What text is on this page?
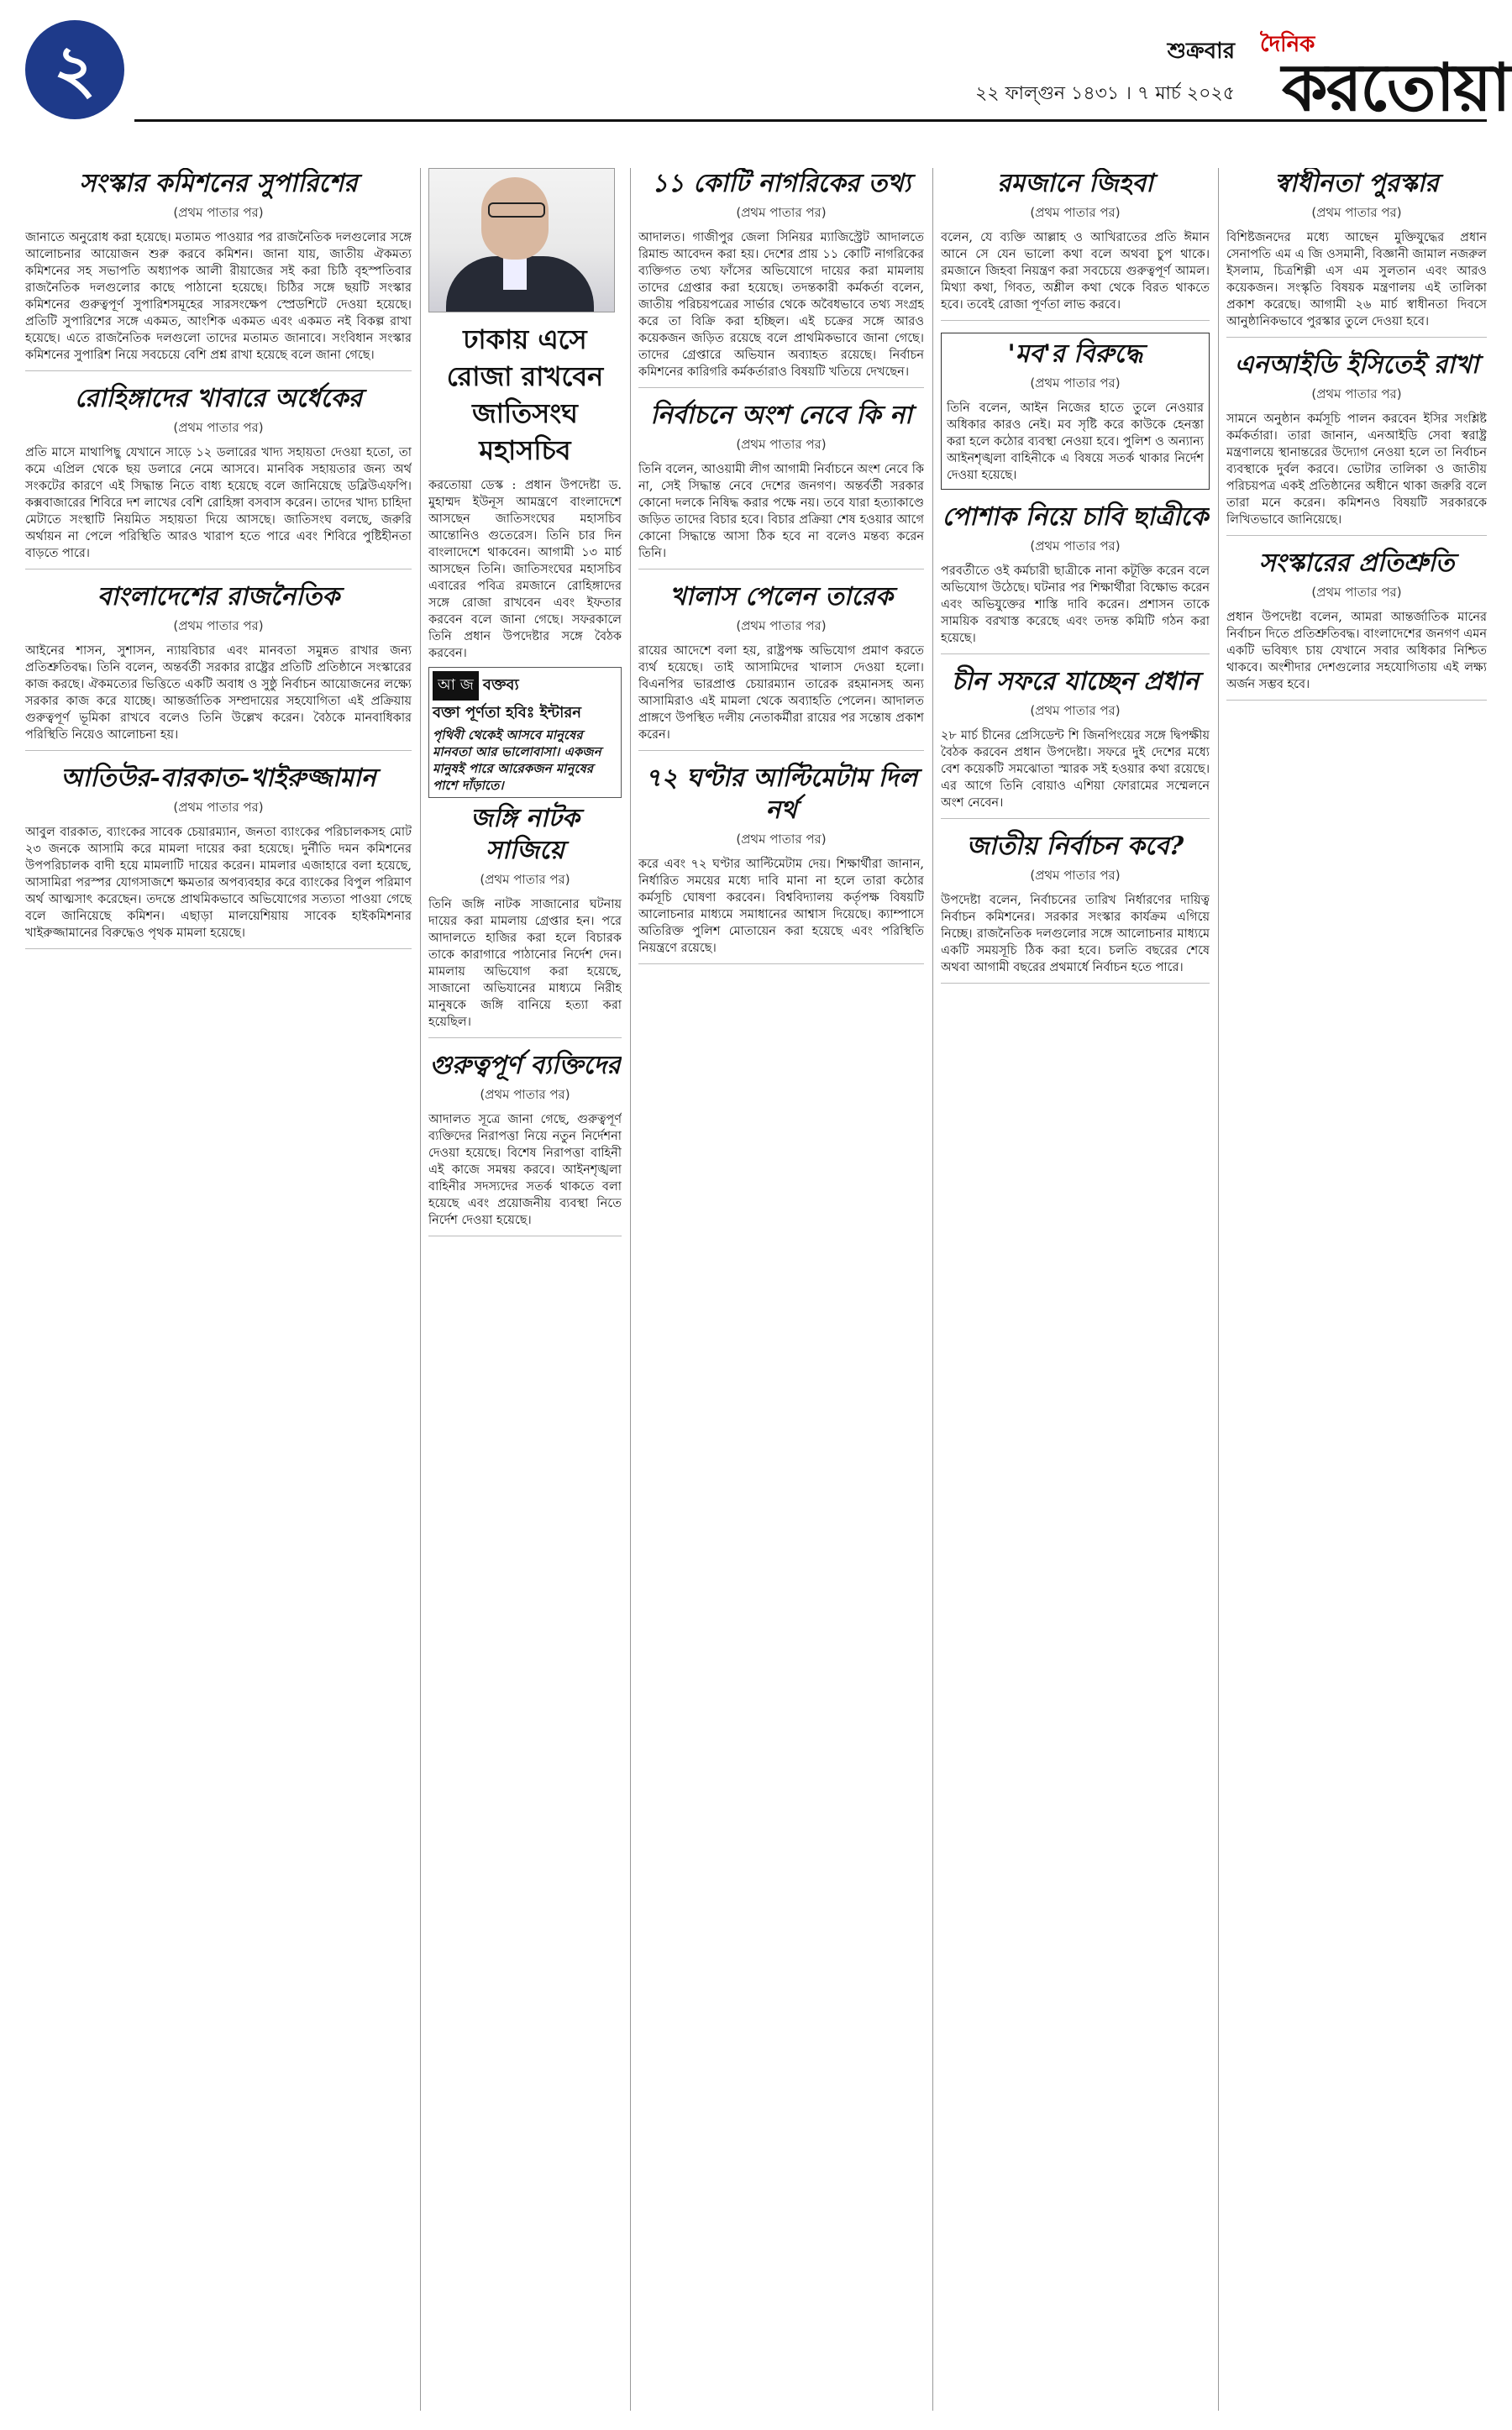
২	শুক্রবার
২২ ফাল্গুন ১৪৩১ । ৭ মার্চ ২০২৫
দৈনিক
করতোয়া
সংস্কার কমিশনের সুপারিশের
(প্রথম পাতার পর)
জানাতে অনুরোধ করা হয়েছে। মতামত পাওয়ার পর রাজনৈতিক দলগুলোর সঙ্গে আলোচনার আয়োজন শুরু করবে কমিশন। জানা যায়, জাতীয় ঐকমত্য কমিশনের সহ সভাপতি অধ্যাপক আলী রীয়াজের সই করা চিঠি বৃহস্পতিবার রাজনৈতিক দলগুলোর কাছে পাঠানো হয়েছে। চিঠির সঙ্গে ছয়টি সংস্কার কমিশনের গুরুত্বপূর্ণ সুপারিশসমূহের সারসংক্ষেপ স্প্রেডশিটে দেওয়া হয়েছে। প্রতিটি সুপারিশের সঙ্গে একমত, আংশিক একমত এবং একমত নই বিকল্প রাখা হয়েছে। এতে রাজনৈতিক দলগুলো তাদের মতামত জানাবে। সংবিধান সংস্কার কমিশনের সুপারিশ নিয়ে সবচেয়ে বেশি প্রশ্ন রাখা হয়েছে বলে জানা গেছে।
রোহিঙ্গাদের খাবারে অর্ধেকের
(প্রথম পাতার পর)
প্রতি মাসে মাথাপিছু যেখানে সাড়ে ১২ ডলারের খাদ্য সহায়তা দেওয়া হতো, তা কমে এপ্রিল থেকে ছয় ডলারে নেমে আসবে। মানবিক সহায়তার জন্য অর্থ সংকটের কারণে এই সিদ্ধান্ত নিতে বাধ্য হয়েছে বলে জানিয়েছে ডব্লিউএফপি। কক্সবাজারের শিবিরে দশ লাখের বেশি রোহিঙ্গা বসবাস করেন। তাদের খাদ্য চাহিদা মেটাতে সংস্থাটি নিয়মিত সহায়তা দিয়ে আসছে। জাতিসংঘ বলছে, জরুরি অর্থায়ন না পেলে পরিস্থিতি আরও খারাপ হতে পারে এবং শিবিরে পুষ্টিহীনতা বাড়তে পারে।
বাংলাদেশের রাজনৈতিক
(প্রথম পাতার পর)
আইনের শাসন, সুশাসন, ন্যায়বিচার এবং মানবতা সমুন্নত রাখার জন্য প্রতিশ্রুতিবদ্ধ। তিনি বলেন, অন্তর্বর্তী সরকার রাষ্ট্রের প্রতিটি প্রতিষ্ঠানে সংস্কারের কাজ করছে। ঐকমত্যের ভিত্তিতে একটি অবাধ ও সুষ্ঠু নির্বাচন আয়োজনের লক্ষ্যে সরকার কাজ করে যাচ্ছে। আন্তর্জাতিক সম্প্রদায়ের সহযোগিতা এই প্রক্রিয়ায় গুরুত্বপূর্ণ ভূমিকা রাখবে বলেও তিনি উল্লেখ করেন। বৈঠকে মানবাধিকার পরিস্থিতি নিয়েও আলোচনা হয়।
আতিউর-বারকাত-খাইরুজ্জামান
(প্রথম পাতার পর)
আবুল বারকাত, ব্যাংকের সাবেক চেয়ারম্যান, জনতা ব্যাংকের পরিচালকসহ মোট ২৩ জনকে আসামি করে মামলা দায়ের করা হয়েছে। দুর্নীতি দমন কমিশনের উপপরিচালক বাদী হয়ে মামলাটি দায়ের করেন। মামলার এজাহারে বলা হয়েছে, আসামিরা পরস্পর যোগসাজশে ক্ষমতার অপব্যবহার করে ব্যাংকের বিপুল পরিমাণ অর্থ আত্মসাৎ করেছেন। তদন্তে প্রাথমিকভাবে অভিযোগের সত্যতা পাওয়া গেছে বলে জানিয়েছে কমিশন। এছাড়া মালয়েশিয়ায় সাবেক হাইকমিশনার খাইরুজ্জামানের বিরুদ্ধেও পৃথক মামলা হয়েছে।
ঢাকায় এসে রোজা রাখবেন জাতিসংঘ মহাসচিব
করতোয়া ডেস্ক : প্রধান উপদেষ্টা ড. মুহাম্মদ ইউনূস আমন্ত্রণে বাংলাদেশে আসছেন জাতিসংঘের মহাসচিব আন্তোনিও গুতেরেস। তিনি চার দিন বাংলাদেশে থাকবেন। আগামী ১৩ মার্চ আসছেন তিনি। জাতিসংঘের মহাসচিব এবারের পবিত্র রমজানে রোহিঙ্গাদের সঙ্গে রোজা রাখবেন এবং ইফতার করবেন বলে জানা গেছে। সফরকালে তিনি প্রধান উপদেষ্টার সঙ্গে বৈঠক করবেন।
আ জ বক্তব্য
বক্তা পূর্ণতা হবিঃ ইন্টারন
পৃথিবী থেকেই আসবে মানুষের মানবতা আর ভালোবাসা। একজন মানুষই পারে আরেকজন মানুষের পাশে দাঁড়াতে।
জঙ্গি নাটক সাজিয়ে
(প্রথম পাতার পর)
তিনি জঙ্গি নাটক সাজানোর ঘটনায় দায়ের করা মামলায় গ্রেপ্তার হন। পরে আদালতে হাজির করা হলে বিচারক তাকে কারাগারে পাঠানোর নির্দেশ দেন। মামলায় অভিযোগ করা হয়েছে, সাজানো অভিযানের মাধ্যমে নিরীহ মানুষকে জঙ্গি বানিয়ে হত্যা করা হয়েছিল।
গুরুত্বপূর্ণ ব্যক্তিদের
(প্রথম পাতার পর)
আদালত সূত্রে জানা গেছে, গুরুত্বপূর্ণ ব্যক্তিদের নিরাপত্তা নিয়ে নতুন নির্দেশনা দেওয়া হয়েছে। বিশেষ নিরাপত্তা বাহিনী এই কাজে সমন্বয় করবে। আইনশৃঙ্খলা বাহিনীর সদস্যদের সতর্ক থাকতে বলা হয়েছে এবং প্রয়োজনীয় ব্যবস্থা নিতে নির্দেশ দেওয়া হয়েছে।
১১ কোটি নাগরিকের তথ্য
(প্রথম পাতার পর)
আদালত। গাজীপুর জেলা সিনিয়র ম্যাজিস্ট্রেট আদালতে রিমান্ড আবেদন করা হয়। দেশের প্রায় ১১ কোটি নাগরিকের ব্যক্তিগত তথ্য ফাঁসের অভিযোগে দায়ের করা মামলায় তাদের গ্রেপ্তার করা হয়েছে। তদন্তকারী কর্মকর্তা বলেন, জাতীয় পরিচয়পত্রের সার্ভার থেকে অবৈধভাবে তথ্য সংগ্রহ করে তা বিক্রি করা হচ্ছিল। এই চক্রের সঙ্গে আরও কয়েকজন জড়িত রয়েছে বলে প্রাথমিকভাবে জানা গেছে। তাদের গ্রেপ্তারে অভিযান অব্যাহত রয়েছে। নির্বাচন কমিশনের কারিগরি কর্মকর্তারাও বিষয়টি খতিয়ে দেখছেন।
নির্বাচনে অংশ নেবে কি না
(প্রথম পাতার পর)
তিনি বলেন, আওয়ামী লীগ আগামী নির্বাচনে অংশ নেবে কি না, সেই সিদ্ধান্ত নেবে দেশের জনগণ। অন্তর্বর্তী সরকার কোনো দলকে নিষিদ্ধ করার পক্ষে নয়। তবে যারা হত্যাকাণ্ডে জড়িত তাদের বিচার হবে। বিচার প্রক্রিয়া শেষ হওয়ার আগে কোনো সিদ্ধান্তে আসা ঠিক হবে না বলেও মন্তব্য করেন তিনি।
খালাস পেলেন তারেক
(প্রথম পাতার পর)
রায়ের আদেশে বলা হয়, রাষ্ট্রপক্ষ অভিযোগ প্রমাণ করতে ব্যর্থ হয়েছে। তাই আসামিদের খালাস দেওয়া হলো। বিএনপির ভারপ্রাপ্ত চেয়ারম্যান তারেক রহমানসহ অন্য আসামিরাও এই মামলা থেকে অব্যাহতি পেলেন। আদালত প্রাঙ্গণে উপস্থিত দলীয় নেতাকর্মীরা রায়ের পর সন্তোষ প্রকাশ করেন।
৭২ ঘণ্টার আল্টিমেটাম দিল নর্থ
(প্রথম পাতার পর)
করে এবং ৭২ ঘণ্টার আল্টিমেটাম দেয়। শিক্ষার্থীরা জানান, নির্ধারিত সময়ের মধ্যে দাবি মানা না হলে তারা কঠোর কর্মসূচি ঘোষণা করবেন। বিশ্ববিদ্যালয় কর্তৃপক্ষ বিষয়টি আলোচনার মাধ্যমে সমাধানের আশ্বাস দিয়েছে। ক্যাম্পাসে অতিরিক্ত পুলিশ মোতায়েন করা হয়েছে এবং পরিস্থিতি নিয়ন্ত্রণে রয়েছে।
রমজানে জিহবা
(প্রথম পাতার পর)
বলেন, যে ব্যক্তি আল্লাহ ও আখিরাতের প্রতি ঈমান আনে সে যেন ভালো কথা বলে অথবা চুপ থাকে। রমজানে জিহবা নিয়ন্ত্রণ করা সবচেয়ে গুরুত্বপূর্ণ আমল। মিথ্যা কথা, গিবত, অশ্লীল কথা থেকে বিরত থাকতে হবে। তবেই রোজা পূর্ণতা লাভ করবে।
'মব'র বিরুদ্ধে
(প্রথম পাতার পর)
তিনি বলেন, আইন নিজের হাতে তুলে নেওয়ার অধিকার কারও নেই। মব সৃষ্টি করে কাউকে হেনস্তা করা হলে কঠোর ব্যবস্থা নেওয়া হবে। পুলিশ ও অন্যান্য আইনশৃঙ্খলা বাহিনীকে এ বিষয়ে সতর্ক থাকার নির্দেশ দেওয়া হয়েছে।
পোশাক নিয়ে চাবি ছাত্রীকে
(প্রথম পাতার পর)
পরবর্তীতে ওই কর্মচারী ছাত্রীকে নানা কটূক্তি করেন বলে অভিযোগ উঠেছে। ঘটনার পর শিক্ষার্থীরা বিক্ষোভ করেন এবং অভিযুক্তের শাস্তি দাবি করেন। প্রশাসন তাকে সাময়িক বরখাস্ত করেছে এবং তদন্ত কমিটি গঠন করা হয়েছে।
চীন সফরে যাচ্ছেন প্রধান
(প্রথম পাতার পর)
২৮ মার্চ চীনের প্রেসিডেন্ট শি জিনপিংয়ের সঙ্গে দ্বিপক্ষীয় বৈঠক করবেন প্রধান উপদেষ্টা। সফরে দুই দেশের মধ্যে বেশ কয়েকটি সমঝোতা স্মারক সই হওয়ার কথা রয়েছে। এর আগে তিনি বোয়াও এশিয়া ফোরামের সম্মেলনে অংশ নেবেন।
জাতীয় নির্বাচন কবে?
(প্রথম পাতার পর)
উপদেষ্টা বলেন, নির্বাচনের তারিখ নির্ধারণের দায়িত্ব নির্বাচন কমিশনের। সরকার সংস্কার কার্যক্রম এগিয়ে নিচ্ছে। রাজনৈতিক দলগুলোর সঙ্গে আলোচনার মাধ্যমে একটি সময়সূচি ঠিক করা হবে। চলতি বছরের শেষে অথবা আগামী বছরের প্রথমার্ধে নির্বাচন হতে পারে।
স্বাধীনতা পুরস্কার
(প্রথম পাতার পর)
বিশিষ্টজনদের মধ্যে আছেন মুক্তিযুদ্ধের প্রধান সেনাপতি এম এ জি ওসমানী, বিজ্ঞানী জামাল নজরুল ইসলাম, চিত্রশিল্পী এস এম সুলতান এবং আরও কয়েকজন। সংস্কৃতি বিষয়ক মন্ত্রণালয় এই তালিকা প্রকাশ করেছে। আগামী ২৬ মার্চ স্বাধীনতা দিবসে আনুষ্ঠানিকভাবে পুরস্কার তুলে দেওয়া হবে।
এনআইডি ইসিতেই রাখা
(প্রথম পাতার পর)
সামনে অনুষ্ঠান কর্মসূচি পালন করবেন ইসির সংশ্লিষ্ট কর্মকর্তারা। তারা জানান, এনআইডি সেবা স্বরাষ্ট্র মন্ত্রণালয়ে স্থানান্তরের উদ্যোগ নেওয়া হলে তা নির্বাচন ব্যবস্থাকে দুর্বল করবে। ভোটার তালিকা ও জাতীয় পরিচয়পত্র একই প্রতিষ্ঠানের অধীনে থাকা জরুরি বলে তারা মনে করেন। কমিশনও বিষয়টি সরকারকে লিখিতভাবে জানিয়েছে।
সংস্কারের প্রতিশ্রুতি
(প্রথম পাতার পর)
প্রধান উপদেষ্টা বলেন, আমরা আন্তর্জাতিক মানের নির্বাচন দিতে প্রতিশ্রুতিবদ্ধ। বাংলাদেশের জনগণ এমন একটি ভবিষ্যৎ চায় যেখানে সবার অধিকার নিশ্চিত থাকবে। অংশীদার দেশগুলোর সহযোগিতায় এই লক্ষ্য অর্জন সম্ভব হবে।
